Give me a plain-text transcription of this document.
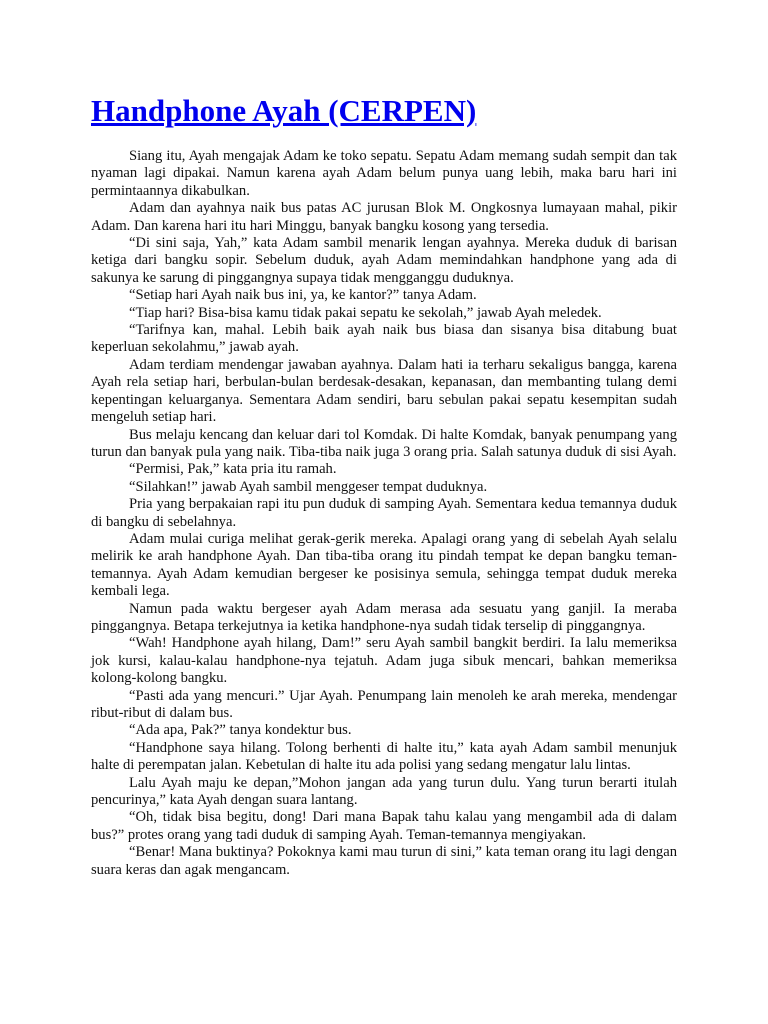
Handphone Ayah (CERPEN)

Siang itu, Ayah mengajak Adam ke toko sepatu. Sepatu Adam memang sudah sempit dan tak nyaman lagi dipakai. Namun karena ayah Adam belum punya uang lebih, maka baru hari ini permintaannya dikabulkan.

Adam dan ayahnya naik bus patas AC jurusan Blok M. Ongkosnya lumayaan mahal, pikir Adam. Dan karena hari itu hari Minggu, banyak bangku kosong yang tersedia.

“Di sini saja, Yah,” kata Adam sambil menarik lengan ayahnya. Mereka duduk di barisan ketiga dari bangku sopir. Sebelum duduk, ayah Adam memindahkan handphone yang ada di sakunya ke sarung di pinggangnya supaya tidak mengganggu duduknya.

“Setiap hari Ayah naik bus ini, ya, ke kantor?” tanya Adam.

“Tiap hari? Bisa-bisa kamu tidak pakai sepatu ke sekolah,” jawab Ayah meledek.

“Tarifnya kan, mahal. Lebih baik ayah naik bus biasa dan sisanya bisa ditabung buat keperluan sekolahmu,” jawab ayah.

Adam terdiam mendengar jawaban ayahnya. Dalam hati ia terharu sekaligus bangga, karena Ayah rela setiap hari, berbulan-bulan berdesak-desakan, kepanasan, dan membanting tulang demi kepentingan keluarganya. Sementara Adam sendiri, baru sebulan pakai sepatu kesempitan sudah mengeluh setiap hari.

Bus melaju kencang dan keluar dari tol Komdak. Di halte Komdak, banyak penumpang yang turun dan banyak pula yang naik. Tiba-tiba naik juga 3 orang pria. Salah satunya duduk di sisi Ayah.

“Permisi, Pak,” kata pria itu ramah.

“Silahkan!” jawab Ayah sambil menggeser tempat duduknya.

Pria yang berpakaian rapi itu pun duduk di samping Ayah. Sementara kedua temannya duduk di bangku di sebelahnya.

Adam mulai curiga melihat gerak-gerik mereka. Apalagi orang yang di sebelah Ayah selalu melirik ke arah handphone Ayah. Dan tiba-tiba orang itu pindah tempat ke depan bangku teman-temannya. Ayah Adam kemudian bergeser ke posisinya semula, sehingga tempat duduk mereka kembali lega.

Namun pada waktu bergeser ayah Adam merasa ada sesuatu yang ganjil. Ia meraba pinggangnya. Betapa terkejutnya ia ketika handphone-nya sudah tidak terselip di pinggangnya.

“Wah! Handphone ayah hilang, Dam!” seru Ayah sambil bangkit berdiri. Ia lalu memeriksa jok kursi, kalau-kalau handphone-nya tejatuh. Adam juga sibuk mencari, bahkan memeriksa kolong-kolong bangku.

“Pasti ada yang mencuri.” Ujar Ayah. Penumpang lain menoleh ke arah mereka, mendengar ribut-ribut di dalam bus.

“Ada apa, Pak?” tanya kondektur bus.

“Handphone saya hilang. Tolong berhenti di halte itu,” kata ayah Adam sambil menunjuk halte di perempatan jalan. Kebetulan di halte itu ada polisi yang sedang mengatur lalu lintas.

Lalu Ayah maju ke depan,”Mohon jangan ada yang turun dulu. Yang turun berarti itulah pencurinya,” kata Ayah dengan suara lantang.

“Oh, tidak bisa begitu, dong! Dari mana Bapak tahu kalau yang mengambil ada di dalam bus?” protes orang yang tadi duduk di samping Ayah. Teman-temannya mengiyakan.

“Benar! Mana buktinya? Pokoknya kami mau turun di sini,” kata teman orang itu lagi dengan suara keras dan agak mengancam.
